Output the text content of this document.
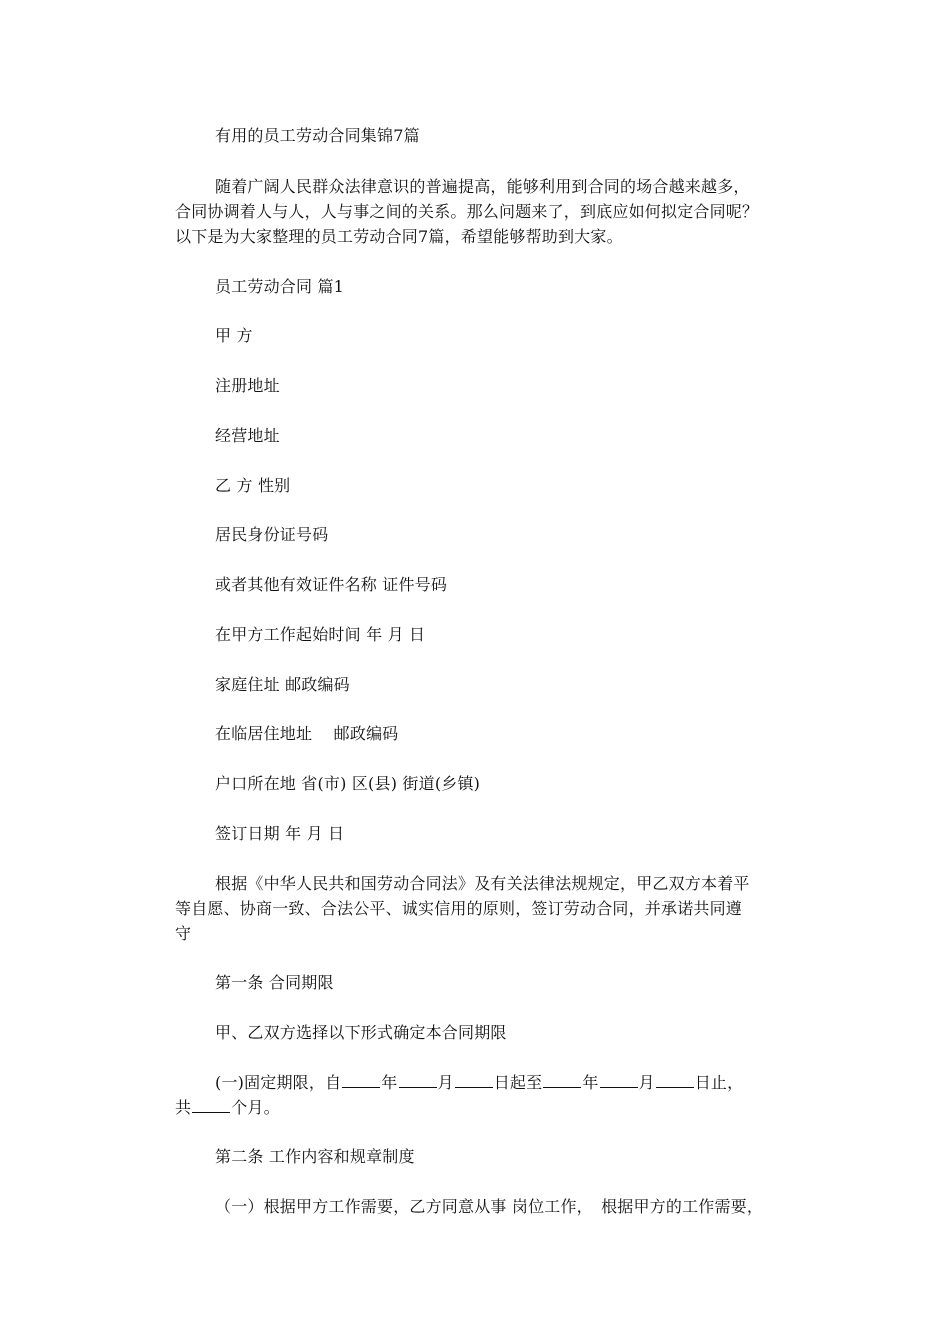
有用的员工劳动合同集锦7篇
随着广阔人民群众法律意识的普遍提高，能够利用到合同的场合越来越多，
合同协调着人与人，人与事之间的关系。那么问题来了，到底应如何拟定合同呢？
以下是为大家整理的员工劳动合同7篇，希望能够帮助到大家。
员工劳动合同 篇1
甲 方
注册地址
经营地址
乙 方 性别
居民身份证号码
或者其他有效证件名称 证件号码
在甲方工作起始时间 年 月 日
家庭住址 邮政编码
在临居住地址　 邮政编码
户口所在地 省(市) 区(县) 街道(乡镇)
签订日期 年 月 日
根据《中华人民共和国劳动合同法》及有关法律法规规定，甲乙双方本着平
等自愿、协商一致、合法公平、诚实信用的原则，签订劳动合同，并承诺共同遵
守
第一条 合同期限
甲、乙双方选择以下形式确定本合同期限
(一)固定期限，自	年	月	日起至	年	月	日止，
共	个月。
第二条 工作内容和规章制度
（一）根据甲方工作需要，乙方同意从事 岗位工作，　根据甲方的工作需要，
